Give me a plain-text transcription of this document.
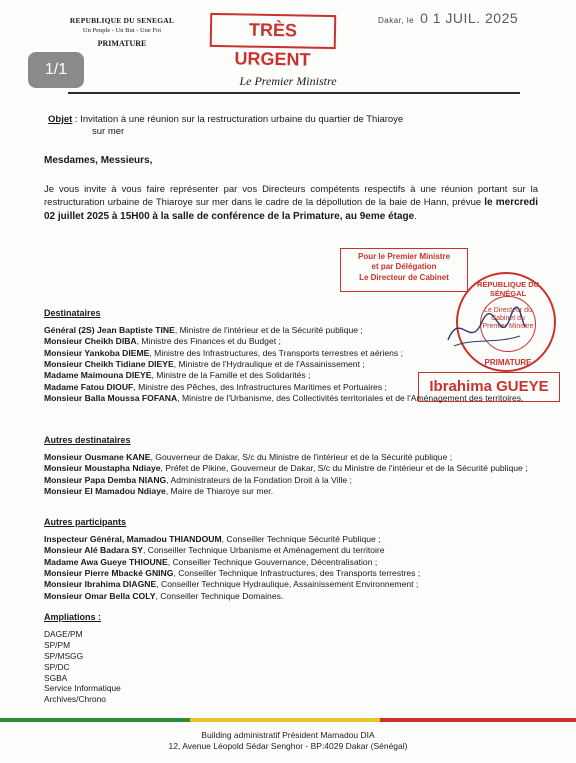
REPUBLIQUE DU SENEGAL
Un Peuple - Un But - Une Foi
PRIMATURE
TRÈS URGENT
Dakar, le 0 1 JUIL. 2025
1/1
Le Premier Ministre
Objet : Invitation à une réunion sur la restructuration urbaine du quartier de Thiaroye
sur mer
Mesdames, Messieurs,
Je vous invite à vous faire représenter par vos Directeurs compétents respectifs à une réunion portant sur la restructuration urbaine de Thiaroye sur mer dans le cadre de la dépollution de la baie de Hann, prévue le mercredi 02 juillet 2025 à 15H00 à la salle de conférence de la Primature, au 9eme étage.
Pour le Premier Ministre
et par Délégation
Le Directeur de Cabinet
RÉPUBLIQUE DU SÉNÉGAL
Le Directeur du Cabinet du Premier Ministre
PRIMATURE
Ibrahima GUEYE
Destinataires
Général (2S) Jean Baptiste TINE, Ministre de l'intérieur et de la Sécurité publique ;
Monsieur Cheikh DIBA, Ministre des Finances et du Budget ;
Monsieur Yankoba DIEME, Ministre des Infrastructures, des Transports terrestres et aériens ;
Monsieur Cheikh Tidiane DIEYE, Ministre de l'Hydraulique et de l'Assainissement ;
Madame Maimouna DIEYE, Ministre de la Famille et des Solidarités ;
Madame Fatou DIOUF, Ministre des Pêches, des Infrastructures Maritimes et Portuaires ;
Monsieur Balla Moussa FOFANA, Ministre de l'Urbanisme, des Collectivités territoriales et de l'Aménagement des territoires.
Autres destinataires
Monsieur Ousmane KANE, Gouverneur de Dakar, S/c du Ministre de l'intérieur et de la Sécurité publique ;
Monsieur Moustapha Ndiaye, Préfet de Pikine, Gouverneur de Dakar, S/c du Ministre de l'intérieur et de la Sécurité publique ;
Monsieur Papa Demba NIANG, Administrateurs de la Fondation Droit à la Ville ;
Monsieur El Mamadou Ndiaye, Maire de Thiaroye sur mer.
Autres participants
Inspecteur Général, Mamadou THIANDOUM, Conseiller Technique Sécurité Publique ;
Monsieur Alé Badara SY, Conseiller Technique Urbanisme et Aménagement du territoire
Madame Awa Gueye THIOUNE, Conseiller Technique Gouvernance, Décentralisation ;
Monsieur Pierre Mbacké GNING, Conseiller Technique Infrastructures, des Transports terrestres ;
Monsieur Ibrahima DIAGNE, Conseiller Technique Hydraulique, Assainissement Environnement ;
Monsieur Omar Bella COLY, Conseiller Technique Domaines.
Ampliations :
DAGE/PM
SP/PM
SP/MSGG
SP/DC
SGBA
Service Informatique
Archives/Chrono
Building administratif Président Mamadou DIA
12, Avenue Léopold Sédar Senghor - BP:4029 Dakar (Sénégal)
